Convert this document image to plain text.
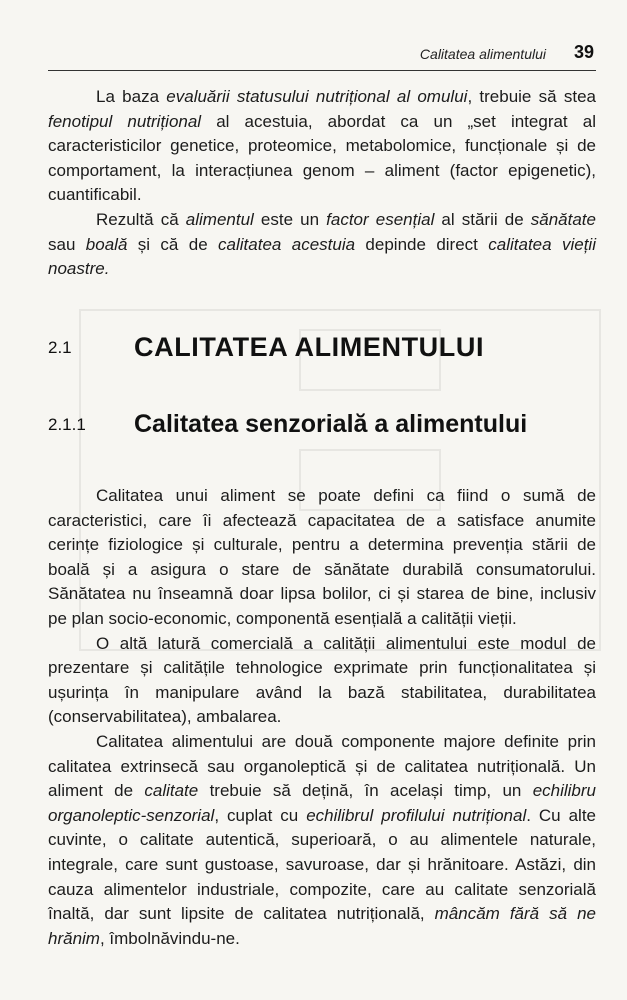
Calitatea alimentului 39

La baza evaluării statusului nutrițional al omului, trebuie să stea fenotipul nutrițional al acestuia, abordat ca un „set integrat al caracteristicilor genetice, proteomice, metabolomice, funcționale și de comportament, la interacțiunea genom – aliment (factor epigenetic), cuantificabil.

Rezultă că alimentul este un factor esențial al stării de sănătate sau boală și că de calitatea acestuia depinde direct calitatea vieții noastre.

2.1 CALITATEA ALIMENTULUI
2.1.1 Calitatea senzorială a alimentului

Calitatea unui aliment se poate defini ca fiind o sumă de caracteristici, care îi afectează capacitatea de a satisface anumite cerințe fiziologice și culturale, pentru a determina prevenția stării de boală și a asigura o stare de sănătate durabilă consumatorului. Sănătatea nu înseamnă doar lipsa bolilor, ci și starea de bine, inclusiv pe plan socio-economic, componentă esențială a calității vieții.

O altă latură comercială a calității alimentului este modul de prezentare și calitățile tehnologice exprimate prin funcționalitatea și ușurința în manipulare având la bază stabilitatea, durabilitatea (conservabilitatea), ambalarea.

Calitatea alimentului are două componente majore definite prin calitatea extrinsecă sau organoleptică și de calitatea nutrițională. Un aliment de calitate trebuie să dețină, în același timp, un echilibru organoleptic-senzorial, cuplat cu echilibrul profilului nutrițional. Cu alte cuvinte, o calitate autentică, superioară, o au alimentele naturale, integrale, care sunt gustoase, savuroase, dar și hrănitoare. Astăzi, din cauza alimentelor industriale, compozite, care au calitate senzorială înaltă, dar sunt lipsite de calitatea nutrițională, mâncăm fără să ne hrănim, îmbolnăvindu-ne.
